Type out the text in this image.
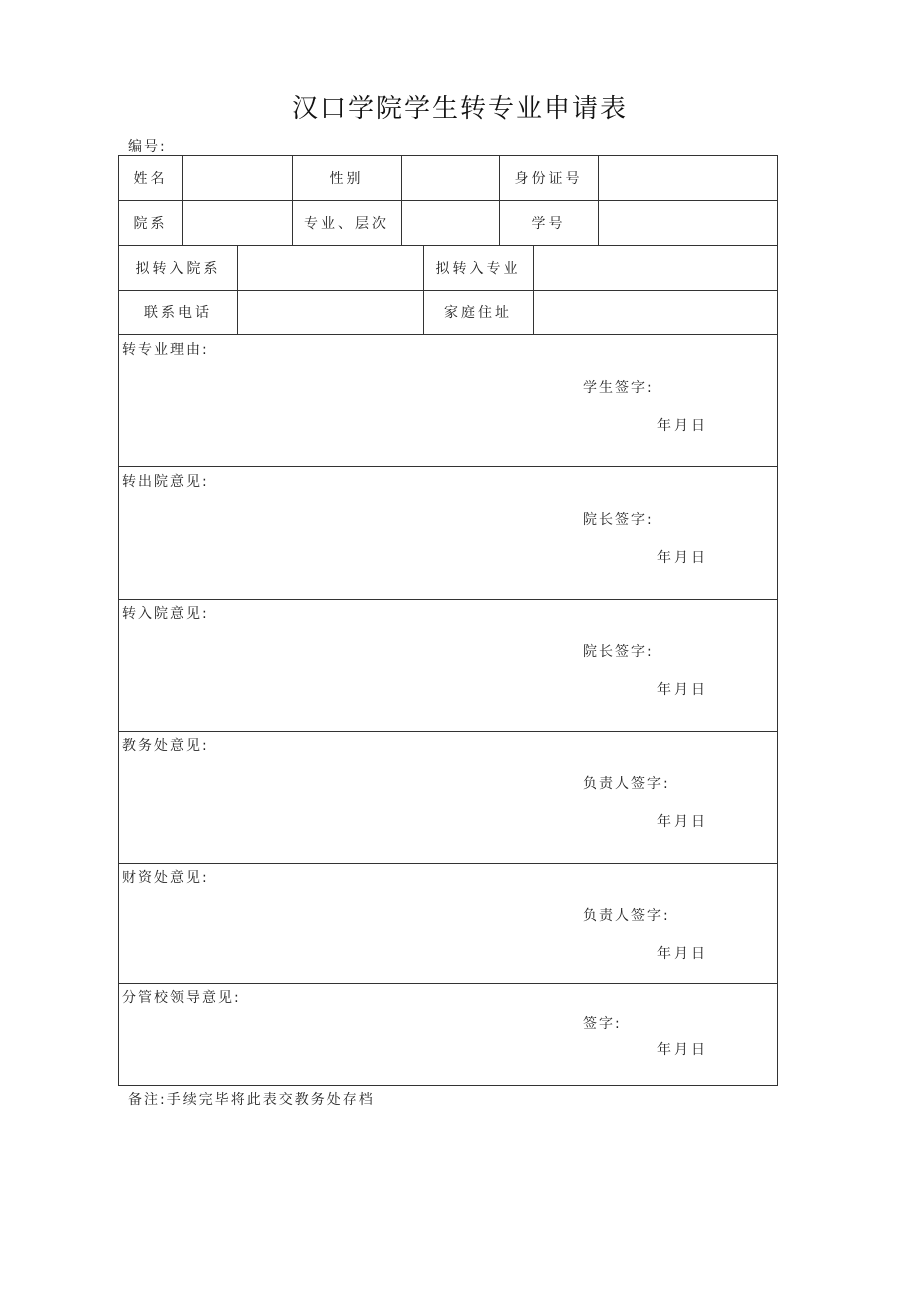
汉口学院学生转专业申请表
编号:
姓名	性别	身份证号
院系	专业、层次	学号
拟转入院系	拟转入专业
联系电话	家庭住址
转专业理由:
学生签字:
年月日
转出院意见:
院长签字:
年月日
转入院意见:
院长签字:
年月日
教务处意见:
负责人签字:
年月日
财资处意见:
负责人签字:
年月日
分管校领导意见:
签字:
年月日
备注:手续完毕将此表交教务处存档
